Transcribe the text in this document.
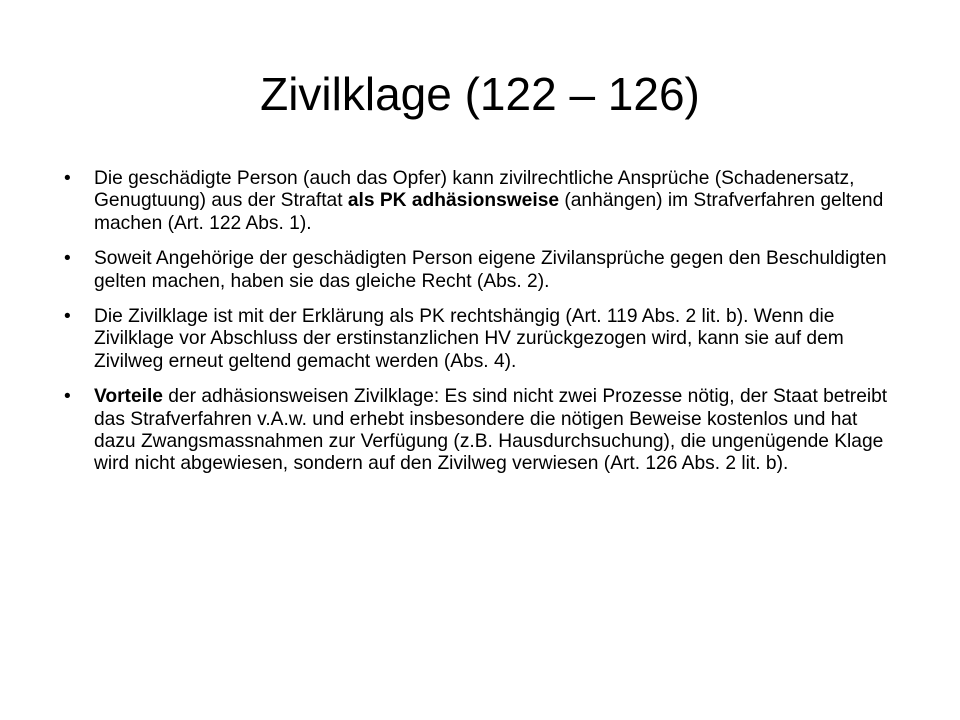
Zivilklage (122 – 126)
•	Die geschädigte Person (auch das Opfer) kann zivilrechtliche Ansprüche (Schadenersatz, Genugtuung) aus der Straftat als PK adhäsionsweise (anhängen) im Strafverfahren geltend machen (Art. 122 Abs. 1).
•	Soweit Angehörige der geschädigten Person eigene Zivilansprüche gegen den Beschuldigten gelten machen, haben sie das gleiche Recht (Abs. 2).
•	Die Zivilklage ist mit der Erklärung als PK rechtshängig (Art. 119 Abs. 2 lit. b). Wenn die Zivilklage vor Abschluss der erstinstanzlichen HV zurückgezogen wird, kann sie auf dem Zivilweg erneut geltend gemacht werden (Abs. 4).
•	Vorteile der adhäsionsweisen Zivilklage: Es sind nicht zwei Prozesse nötig, der Staat betreibt das Strafverfahren v.A.w. und erhebt insbesondere die nötigen Beweise kostenlos und hat dazu Zwangsmassnahmen zur Verfügung (z.B. Hausdurchsuchung), die ungenügende Klage wird nicht abgewiesen, sondern auf den Zivilweg verwiesen (Art. 126 Abs. 2 lit. b).
